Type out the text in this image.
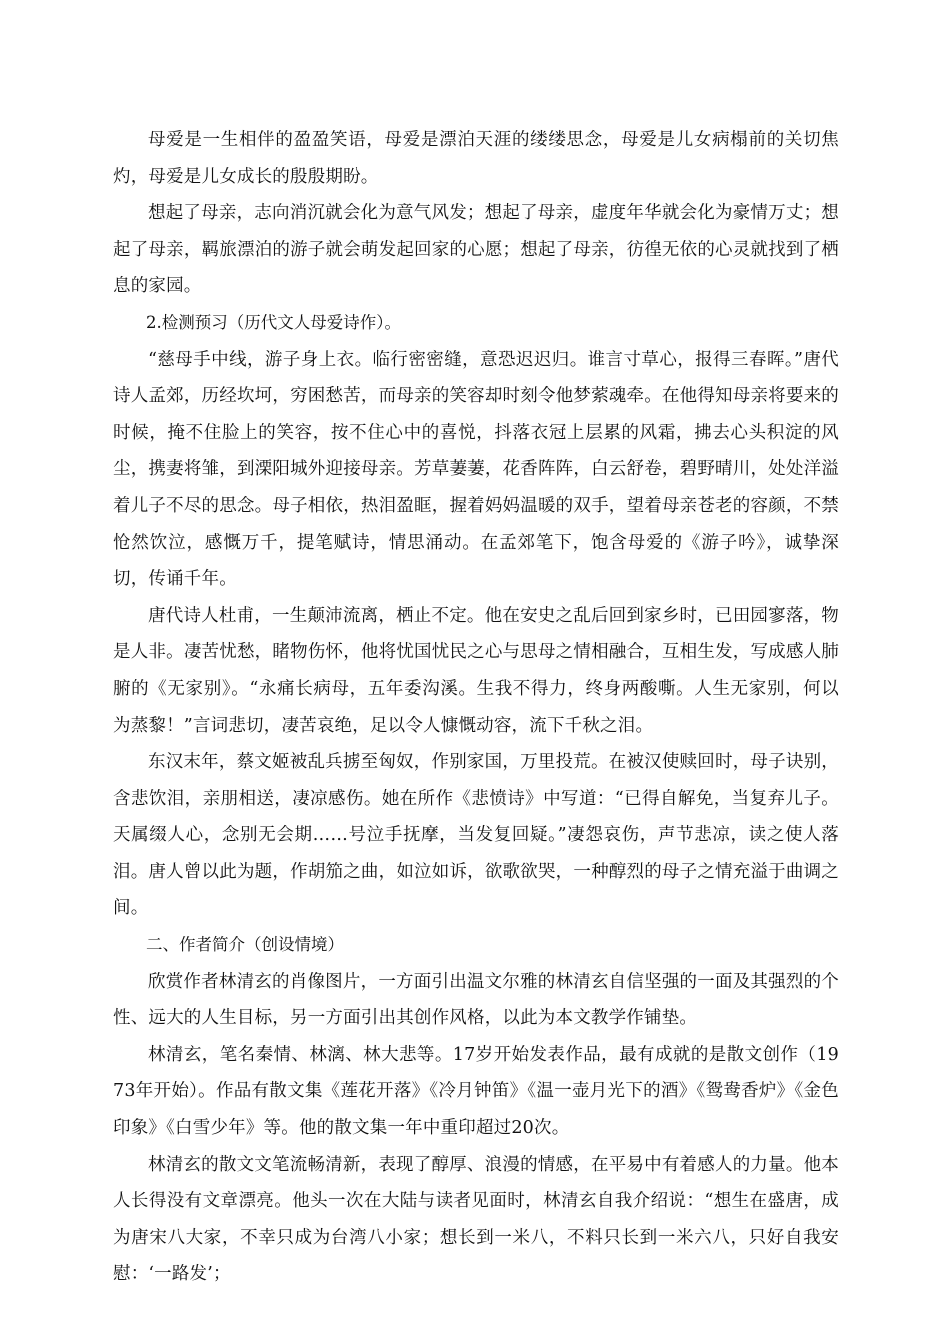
母爱是一生相伴的盈盈笑语，母爱是漂泊天涯的缕缕思念，母爱是儿女病榻前的关切焦灼，母爱是儿女成长的殷殷期盼。

想起了母亲，志向消沉就会化为意气风发；想起了母亲，虚度年华就会化为豪情万丈；想起了母亲，羁旅漂泊的游子就会萌发起回家的心愿；想起了母亲，彷徨无依的心灵就找到了栖息的家园。

2.检测预习（历代文人母爱诗作）。

“慈母手中线，游子身上衣。临行密密缝，意恐迟迟归。谁言寸草心，报得三春晖。”唐代诗人孟郊，历经坎坷，穷困愁苦，而母亲的笑容却时刻令他梦萦魂牵。在他得知母亲将要来的时候，掩不住脸上的笑容，按不住心中的喜悦，抖落衣冠上层累的风霜，拂去心头积淀的风尘，携妻将雏，到溧阳城外迎接母亲。芳草萋萋，花香阵阵，白云舒卷，碧野晴川，处处洋溢着儿子不尽的思念。母子相依，热泪盈眶，握着妈妈温暖的双手，望着母亲苍老的容颜，不禁怆然饮泣，感慨万千，提笔赋诗，情思涌动。在孟郊笔下，饱含母爱的《游子吟》，诚挚深切，传诵千年。

唐代诗人杜甫，一生颠沛流离，栖止不定。他在安史之乱后回到家乡时，已田园寥落，物是人非。凄苦忧愁，睹物伤怀，他将忧国忧民之心与思母之情相融合，互相生发，写成感人肺腑的《无家别》。“永痛长病母，五年委沟溪。生我不得力，终身两酸嘶。人生无家别，何以为蒸黎！”言词悲切，凄苦哀绝，足以令人慷慨动容，流下千秋之泪。

东汉末年，蔡文姬被乱兵掳至匈奴，作别家国，万里投荒。在被汉使赎回时，母子诀别，含悲饮泪，亲朋相送，凄凉感伤。她在所作《悲愤诗》中写道：“已得自解免，当复弃儿子。天属缀人心，念别无会期……号泣手抚摩，当发复回疑。”凄怨哀伤，声节悲凉，读之使人落泪。唐人曾以此为题，作胡笳之曲，如泣如诉，欲歌欲哭，一种醇烈的母子之情充溢于曲调之间。

二、作者简介（创设情境）

欣赏作者林清玄的肖像图片，一方面引出温文尔雅的林清玄自信坚强的一面及其强烈的个性、远大的人生目标，另一方面引出其创作风格，以此为本文教学作铺垫。

林清玄，笔名秦情、林漓、林大悲等。17岁开始发表作品，最有成就的是散文创作（1973年开始）。作品有散文集《莲花开落》《冷月钟笛》《温一壶月光下的酒》《鸳鸯香炉》《金色印象》《白雪少年》等。他的散文集一年中重印超过20次。

林清玄的散文文笔流畅清新，表现了醇厚、浪漫的情感，在平易中有着感人的力量。他本人长得没有文章漂亮。他头一次在大陆与读者见面时，林清玄自我介绍说：“想生在盛唐，成为唐宋八大家，不幸只成为台湾八小家；想长到一米八，不料只长到一米六八，只好自我安慰：‘一路发’；
